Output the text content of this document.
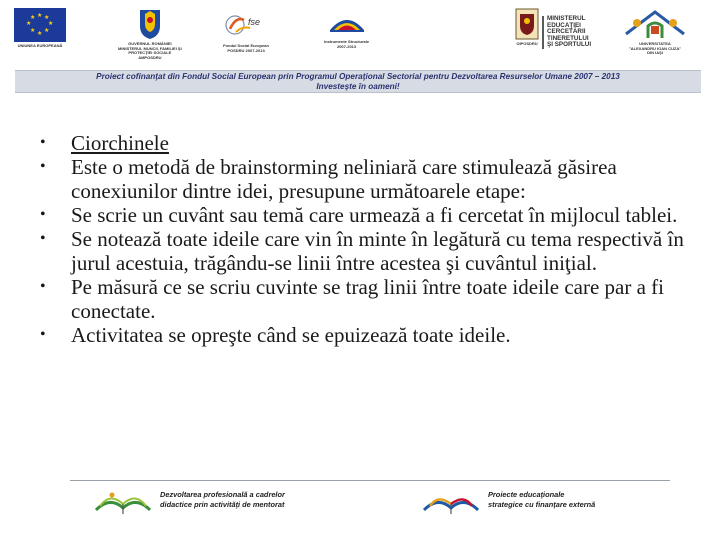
★ ★
★
★
★
★
★
★
UNIUNEA EUROPEANĂ	GUVERNUL ROMÂNIEI
MINISTERUL MUNCII, FAMILIEI ŞI
PROTECŢIEI SOCIALE
AMPOSDRU
fse
Fondul Social European
POSDRU 2007-2013
Instrumente Structurale
2007-2013
OIPOSDRU
MINISTERUL
EDUCAŢIEI
CERCETĂRII
TINERETULUI
ŞI SPORTULUI	UNIVERSITATEA
"ALEXANDRU IOAN CUZA"
DIN IAŞI
Proiect cofinanţat din Fondul Social European prin Programul Operaţional Sectorial pentru Dezvoltarea Resurselor Umane 2007 – 2013
Investeşte în oameni!
• Ciorchinele
• Este o metodă de brainstorming neliniară care stimulează găsirea conexiunilor dintre idei, presupune următoarele etape:
• Se scrie un cuvânt sau temă care urmează a fi cercetat în mijlocul tablei.
• Se notează toate ideile care vin în minte în legătură cu tema respectivă în jurul acestuia, trăgându-se linii între acestea şi cuvântul iniţial.
• Pe măsură ce se scriu cuvinte se trag linii între toate ideile care par a fi conectate.
• Activitatea se opreşte când se epuizează toate ideile.
Dezvoltarea profesională a cadrelor
didactice prin activităţi de mentorat
Proiecte educaţionale
strategice cu finanţare externă
